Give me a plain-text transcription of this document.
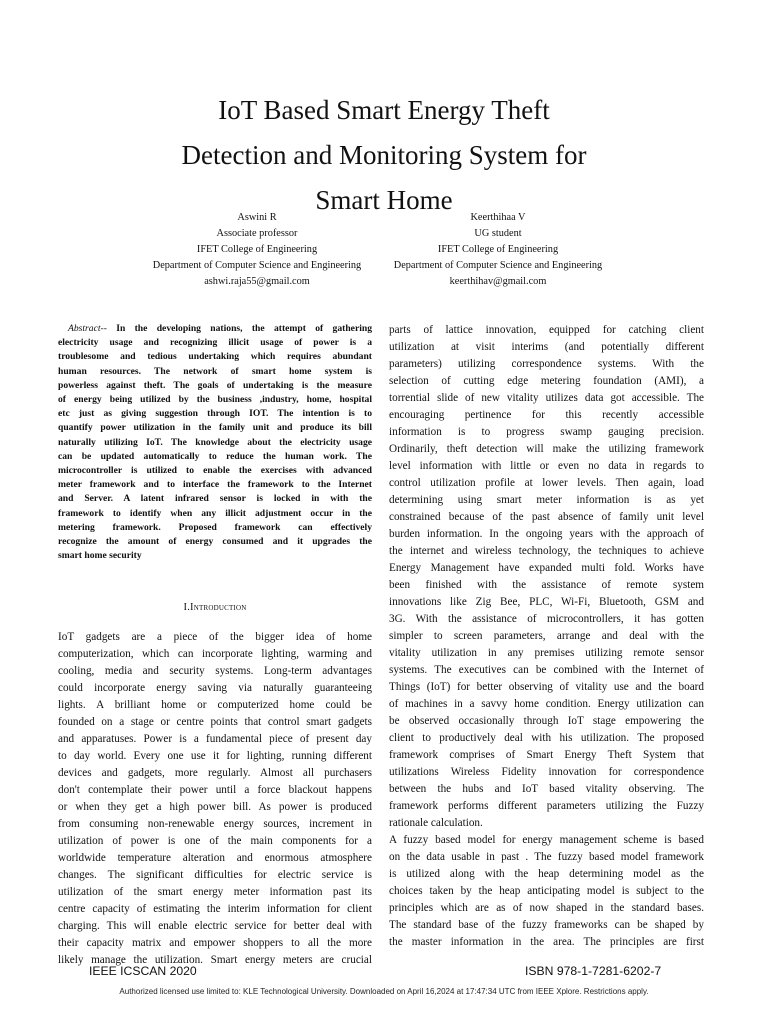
IoT Based Smart Energy Theft
Detection and Monitoring System for
Smart Home
Aswini R
Associate professor
IFET College of Engineering
Department of Computer Science and Engineering
ashwi.raja55@gmail.com
Keerthihaa V
UG student
IFET College of Engineering
Department of Computer Science and Engineering
keerthihav@gmail.com
Abstract-- In the developing nations, the attempt of gathering
electricity usage and recognizing illicit usage of power is a
troublesome and tedious undertaking which requires abundant
human resources. The network of smart home system is
powerless against theft. The goals of undertaking is the measure
of energy being utilized by the business ,industry, home, hospital
etc just as giving suggestion through IOT. The intention is to
quantify power utilization in the family unit and produce its bill
naturally utilizing IoT. The knowledge about the electricity usage
can be updated automatically to reduce the human work. The
microcontroller is utilized to enable the exercises with advanced
meter framework and to interface the framework to the Internet
and Server. A latent infrared sensor is locked in with the
framework to identify when any illicit adjustment occur in the
metering framework. Proposed framework can effectively
recognize the amount of energy consumed and it upgrades the
smart home security
I.Introduction
IoT gadgets are a piece of the bigger idea of home
computerization, which can incorporate lighting, warming and
cooling, media and security systems. Long-term advantages
could incorporate energy saving via naturally guaranteeing
lights. A brilliant home or computerized home could be
founded on a stage or centre points that control smart gadgets
and apparatuses. Power is a fundamental piece of present day
to day world. Every one use it for lighting, running different
devices and gadgets, more regularly. Almost all purchasers
don't contemplate their power until a force blackout happens
or when they get a high power bill. As power is produced
from consuming non-renewable energy sources, increment in
utilization of power is one of the main components for a
worldwide temperature alteration and enormous atmosphere
changes. The significant difficulties for electric service is
utilization of the smart energy meter information past its
centre capacity of estimating the interim information for client
charging. This will enable electric service for better deal with
their capacity matrix and empower shoppers to all the more
likely manage the utilization. Smart energy meters are crucial
parts of lattice innovation, equipped for catching client
utilization at visit interims (and potentially different
parameters) utilizing correspondence systems. With the
selection of cutting edge metering foundation (AMI), a
torrential slide of new vitality utilizes data got accessible. The
encouraging pertinence for this recently accessible
information is to progress swamp gauging precision.
Ordinarily, theft detection will make the utilizing framework
level information with little or even no data in regards to
control utilization profile at lower levels. Then again, load
determining using smart meter information is as yet
constrained because of the past absence of family unit level
burden information. In the ongoing years with the approach of
the internet and wireless technology, the techniques to achieve
Energy Management have expanded multi fold. Works have
been finished with the assistance of remote system
innovations like Zig Bee, PLC, Wi-Fi, Bluetooth, GSM and
3G. With the assistance of microcontrollers, it has gotten
simpler to screen parameters, arrange and deal with the
vitality utilization in any premises utilizing remote sensor
systems. The executives can be combined with the Internet of
Things (IoT) for better observing of vitality use and the board
of machines in a savvy home condition. Energy utilization can
be observed occasionally through IoT stage empowering the
client to productively deal with his utilization. The proposed
framework comprises of Smart Energy Theft System that
utilizations Wireless Fidelity innovation for correspondence
between the hubs and IoT based vitality observing. The
framework performs different parameters utilizing the Fuzzy
rationale calculation.
A fuzzy based model for energy management scheme is based
on the data usable in past . The fuzzy based model framework
is utilized along with the heap determining model as the
choices taken by the heap anticipating model is subject to the
principles which are as of now shaped in the standard bases.
The standard base of the fuzzy frameworks can be shaped by
the master information in the area. The principles are first
IEEE ICSCAN 2020	ISBN 978-1-7281-6202-7
Authorized licensed use limited to: KLE Technological University. Downloaded on April 16,2024 at 17:47:34 UTC from IEEE Xplore. Restrictions apply.
